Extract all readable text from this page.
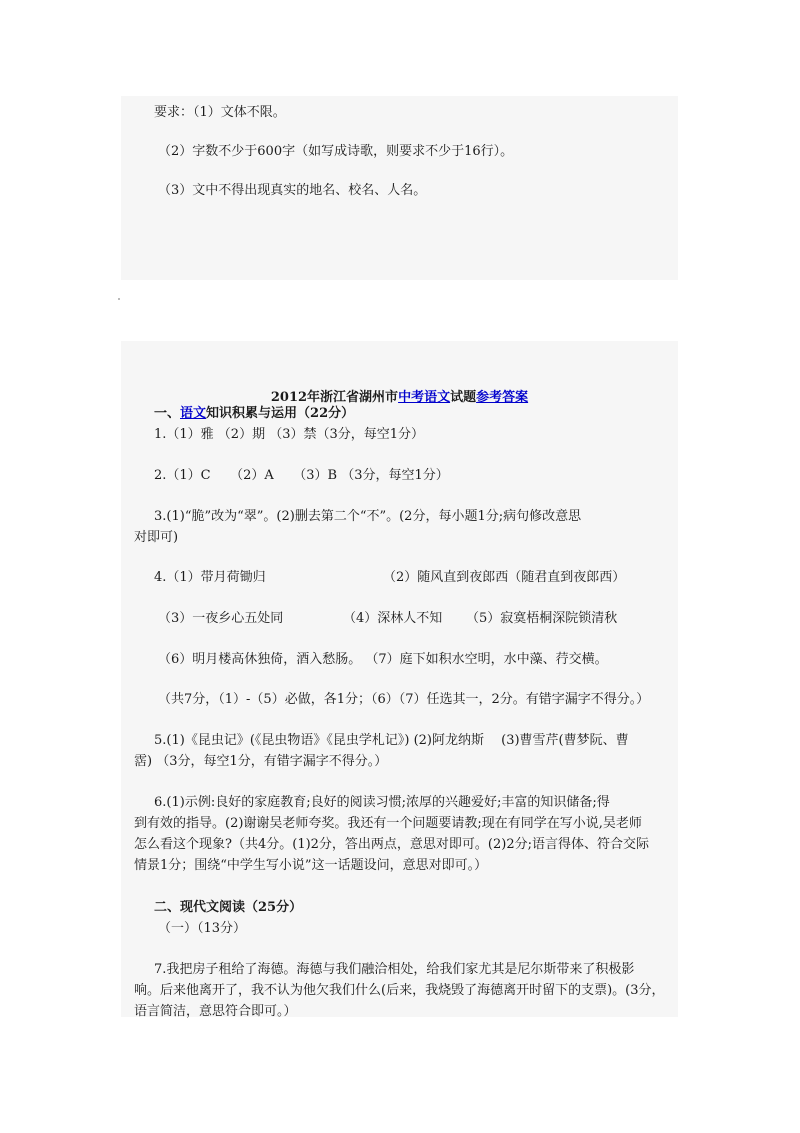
要求：（1）文体不限。
（2）字数不少于600字（如写成诗歌，则要求不少于16行）。
（3）文中不得出现真实的地名、校名、人名。
2012年浙江省湖州市中考语文试题参考答案
一、语文知识积累与运用（22分）
1.（1）雅 （2）期 （3）禁（3分，每空1分）
2.（1）C　　（2）A　　（3）B （3分，每空1分）
3.(1)“脆”改为“翠”。(2)删去第二个“不”。(2分，每小题1分;病句修改意思
对即可)
4.（1）带月荷锄归	（2）随风直到夜郎西（随君直到夜郎西）
（3）一夜乡心五处同	（4）深林人不知 （5）寂寞梧桐深院锁清秋
（6）明月楼高休独倚，酒入愁肠。 （7）庭下如积水空明，水中藻、荇交横。
（共7分，（1）-（5）必做，各1分；（6）（7）任选其一，2分。有错字漏字不得分。）
5.(1)《昆虫记》(《昆虫物语》《昆虫学札记》) (2)阿龙纳斯　 (3)曹雪芹(曹梦阮、曹
霑) （3分，每空1分，有错字漏字不得分。）
6.(1)示例:良好的家庭教育;良好的阅读习惯;浓厚的兴趣爱好;丰富的知识储备;得
到有效的指导。(2)谢谢吴老师夸奖。我还有一个问题要请教;现在有同学在写小说,吴老师
怎么看这个现象?（共4分。(1)2分，答出两点，意思对即可。(2)2分;语言得体、符合交际
情景1分；围绕“中学生写小说”这一话题设问，意思对即可。）
二、现代文阅读（25分）
（一）（13分）
7.我把房子租给了海德。海德与我们融洽相处，给我们家尤其是尼尔斯带来了积极影
响。后来他离开了，我不认为他欠我们什么(后来，我烧毁了海德离开时留下的支票)。(3分，
语言简洁，意思符合即可。）
